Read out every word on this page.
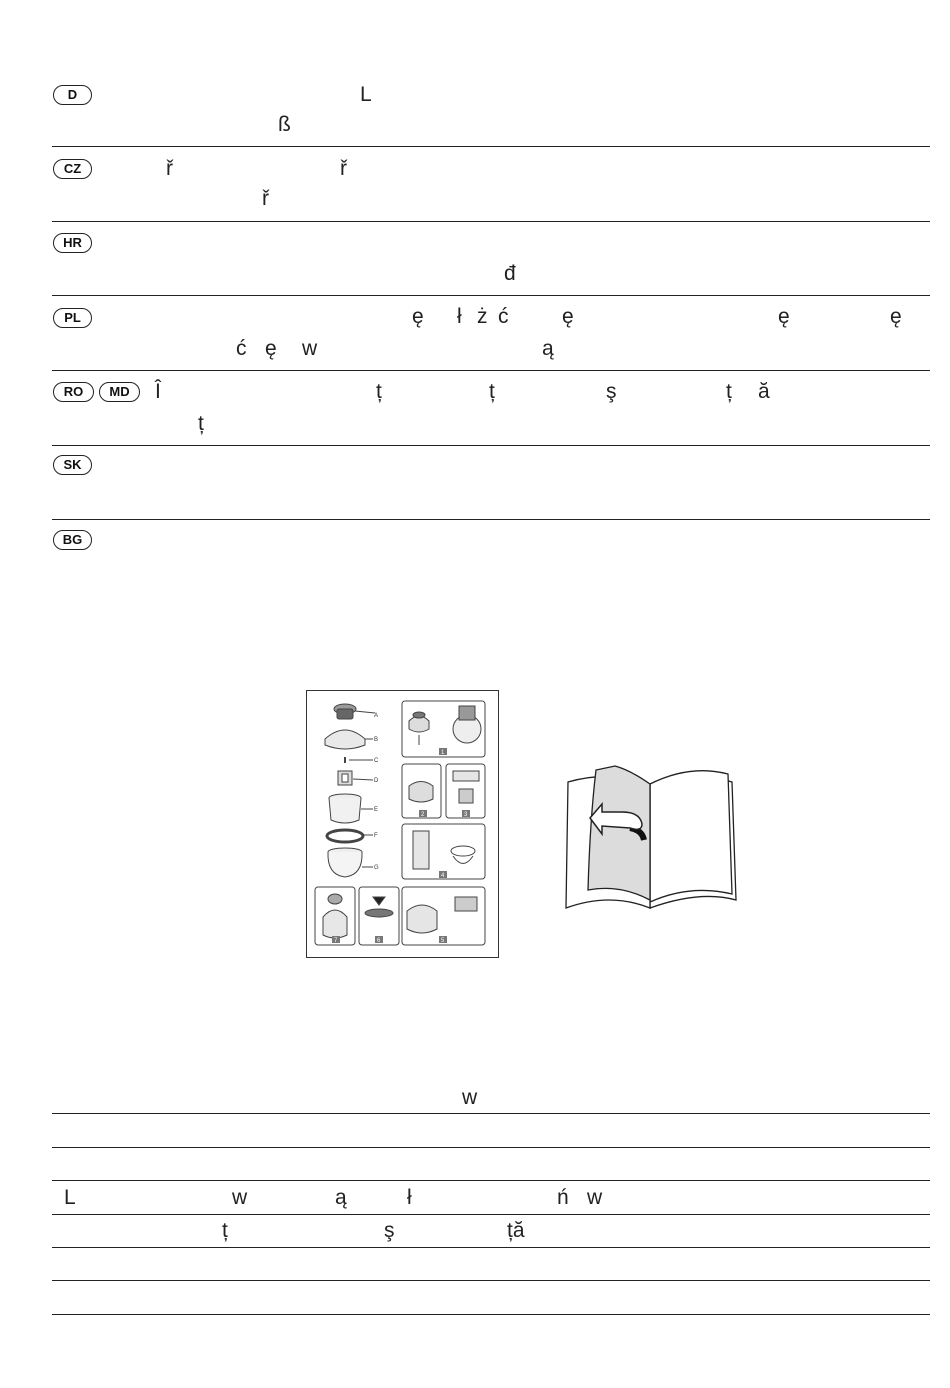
D	L
ß
CZ	ř	ř
ř
HR
đ
PL	ę ł ż ć	ę	ę	ę
ć ę w	ą
RO	MD	Î	ț	ț	ş	ț ă
ț
SK
BG
A
B
C
D
E
F
G
1
2	3
4
5
6
7
w
L	w	ą	ł	ń w
ț	ş	ță
